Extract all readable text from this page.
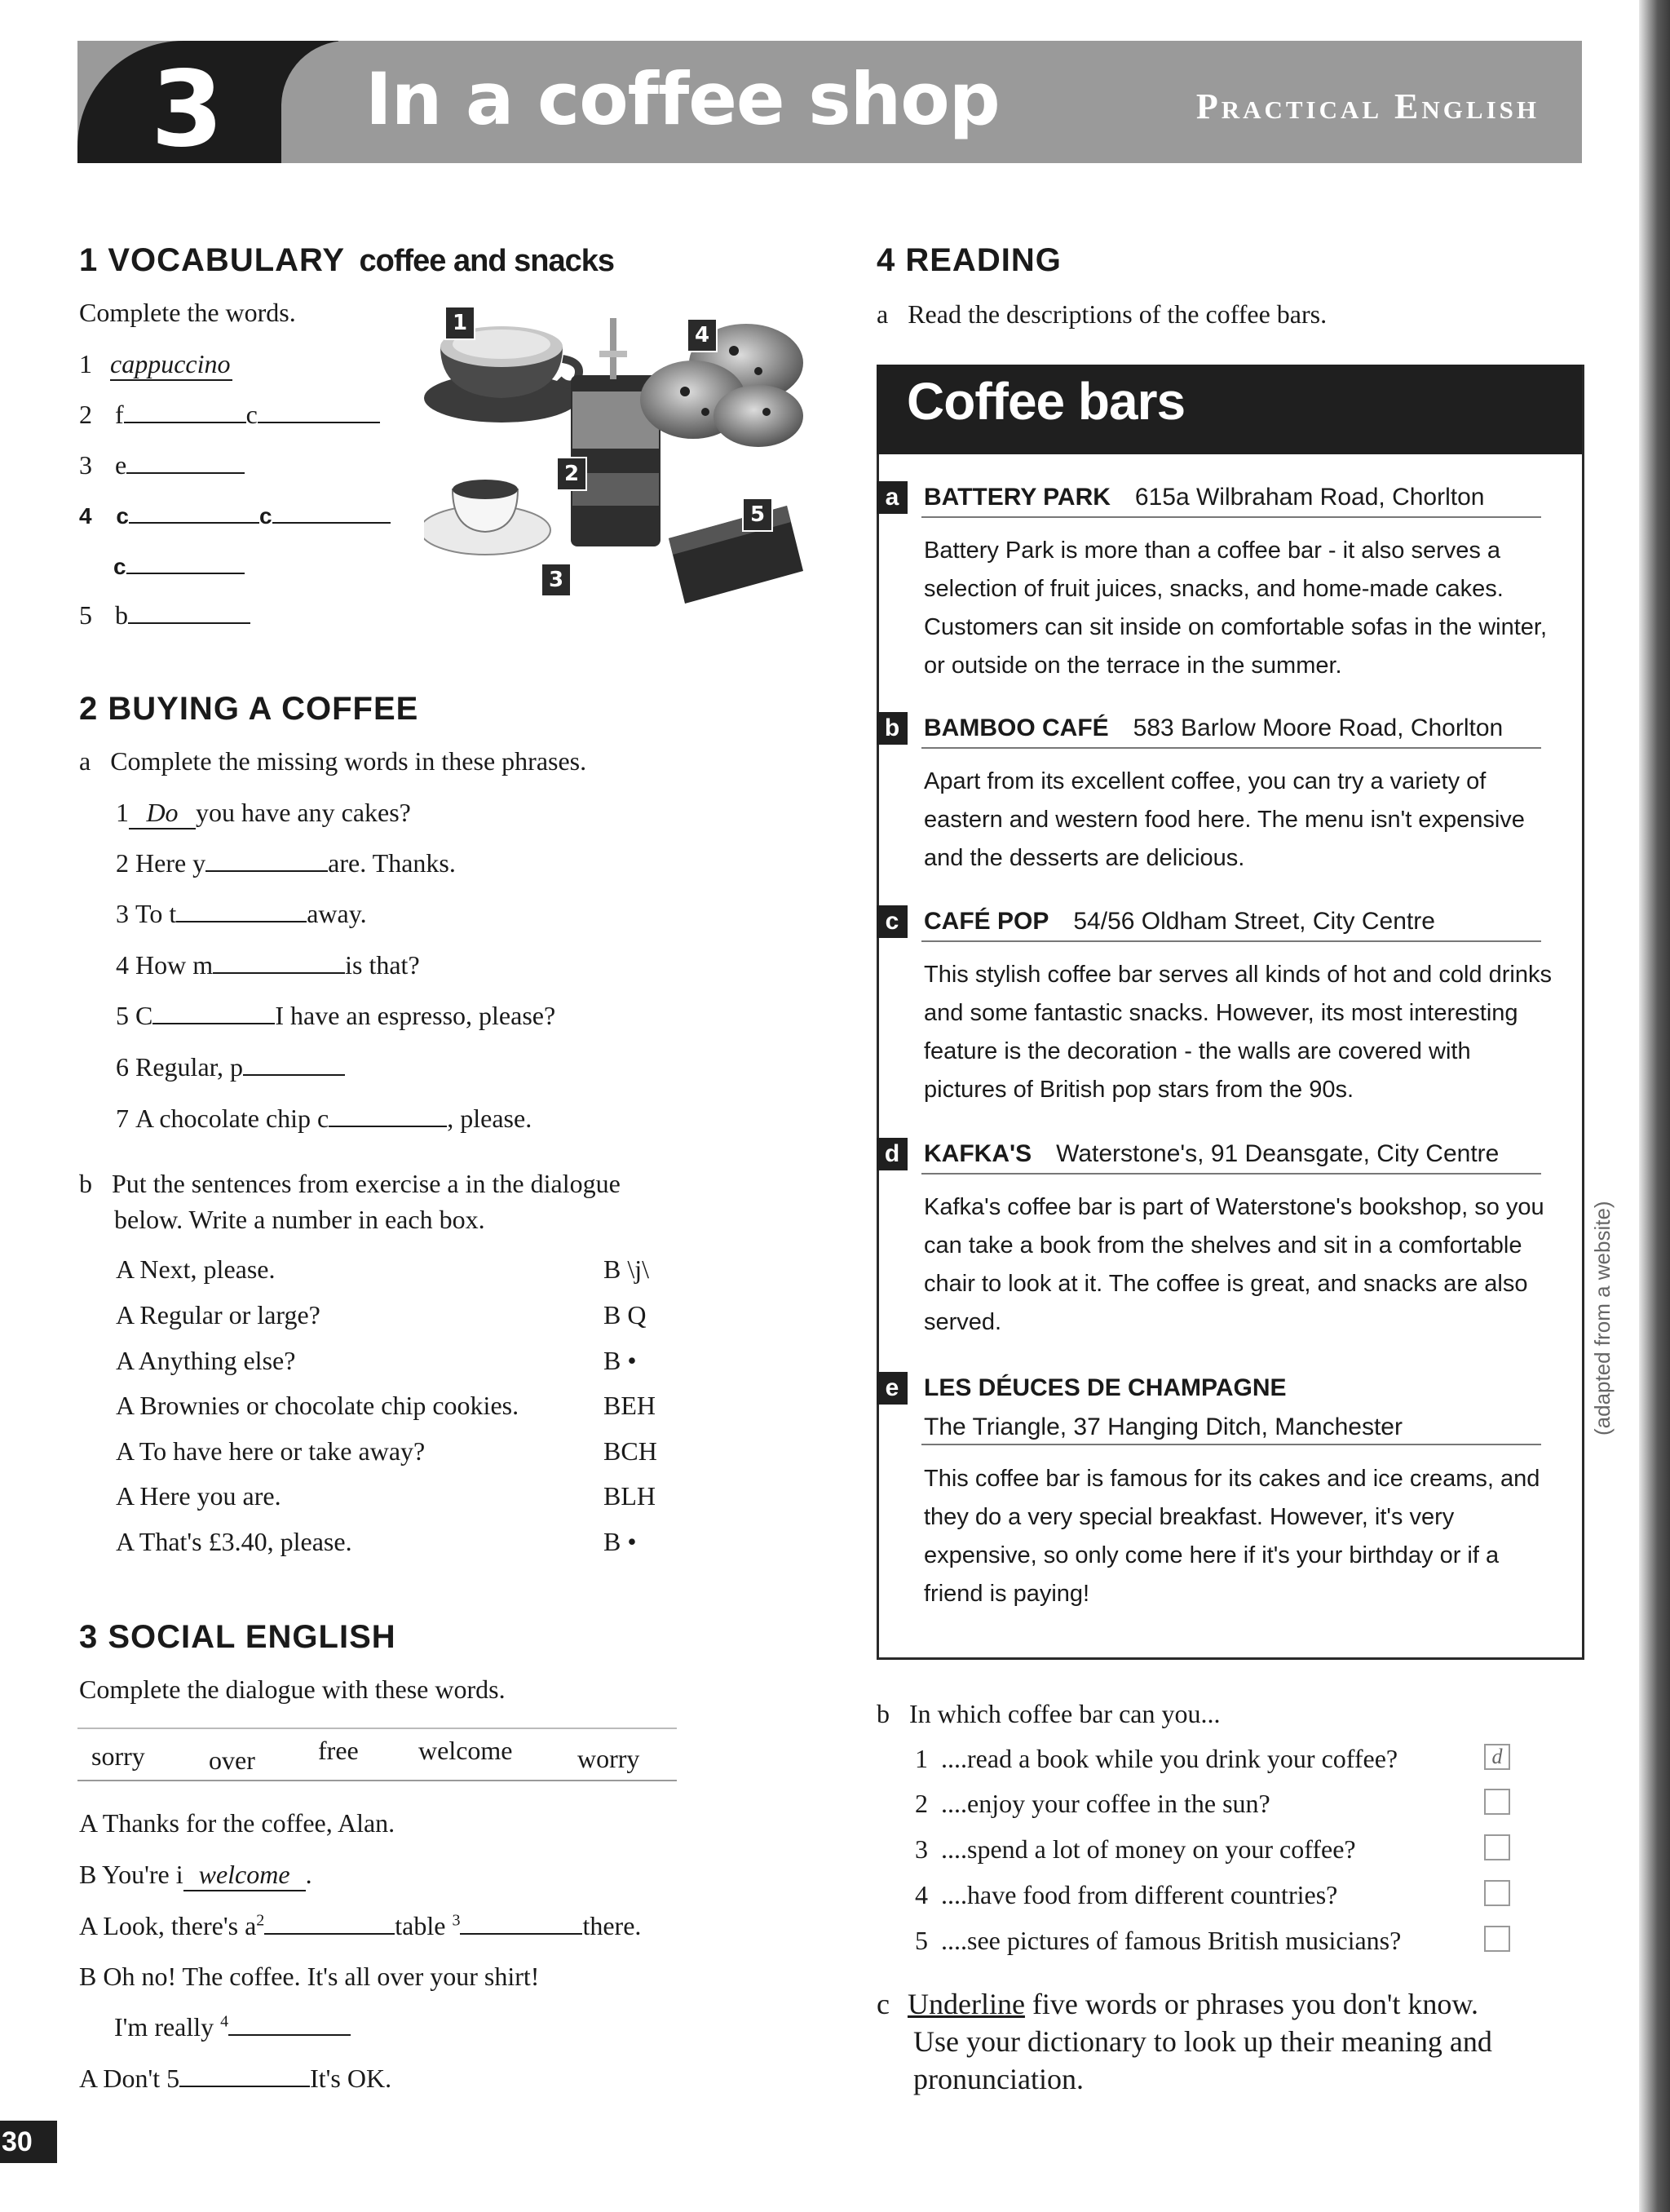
3 In a coffee shop	Practical English
1 VOCABULARY coffee and snacks
Complete the words.
1 cappuccino
2 f	c
3 e
4 c	c
c
5 b
1
2
3
4
5
2 BUYING A COFFEE
a Complete the missing words in these phrases.
1 Do you have any cakes?
2 Here y	are. Thanks.
3 To t	away.
4 How m	is that?
5 C	I have an espresso, please?
6 Regular, p
7 A chocolate chip c	, please.
b Put the sentences from exercise a in the dialogue
below. Write a number in each box.
A Next, please.	B \j\
A Regular or large?	B Q
A Anything else?	B •
A Brownies or chocolate chip cookies.	BEH
A To have here or take away?	BCH
A Here you are.	BLH
A That's £3.40, please.	B •
3 SOCIAL ENGLISH
Complete the dialogue with these words.
sorry over free welcome worry
A Thanks for the coffee, Alan.
B You're i welcome .
A Look, there's $a^2$	table $^3$	there.
B Oh no! The coffee. It's all over your shirt!
I'm really $^4$
A Don't 5	It's OK.
4 READING
a Read the descriptions of the coffee bars.
Coffee bars
a	BATTERY PARK 615a Wilbraham Road, Chorlton
Battery Park is more than a coffee bar - it also serves a selection of fruit juices, snacks, and home-made cakes. Customers can sit inside on comfortable sofas in the winter, or outside on the terrace in the summer.
b BAMBOO CAFÉ 583 Barlow Moore Road, Chorlton
Apart from its excellent coffee, you can try a variety of eastern and western food here. The menu isn't expensive and the desserts are delicious.
c	CAFÉ POP 54/56 Oldham Street, City Centre
This stylish coffee bar serves all kinds of hot and cold drinks and some fantastic snacks. However, its most interesting feature is the decoration - the walls are covered with pictures of British pop stars from the 90s.
d KAFKA'S Waterstone's, 91 Deansgate, City Centre
Kafka's coffee bar is part of Waterstone's bookshop, so you can take a book from the shelves and sit in a comfortable chair to look at it. The coffee is great, and snacks are also served.
e	LES DÉUCES DE CHAMPAGNE
The Triangle, 37 Hanging Ditch, Manchester
This coffee bar is famous for its cakes and ice creams, and they do a very special breakfast. However, it's very expensive, so only come here if it's your birthday or if a friend is paying!
(adapted from a website)
b In which coffee bar can you...
1  ....read a book while you drink your coffee?	d
2  ....enjoy your coffee in the sun?
3  ....spend a lot of money on your coffee?
4  ....have food from different countries?
5  ....see pictures of famous British musicians?
c Underline five words or phrases you don't know.
Use your dictionary to look up their meaning and
pronunciation.
30
